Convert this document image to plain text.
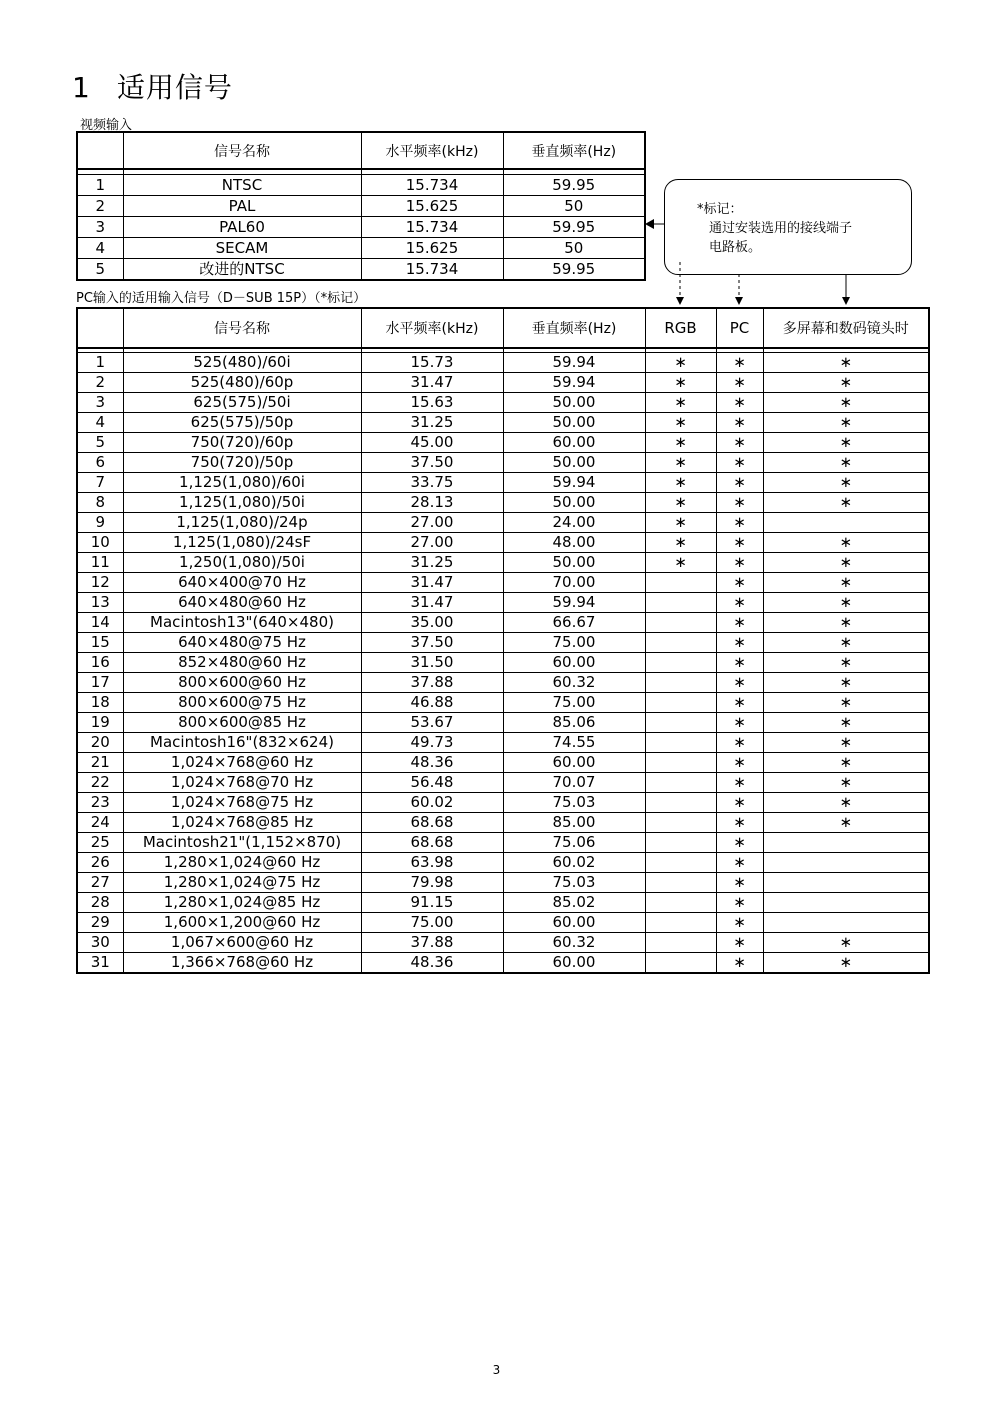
1 适用信号
视频输入
	信号名称	水平频率(kHz)	垂直频率(Hz)

1	NTSC	15.734	59.95
2	PAL	15.625	50
3	PAL60	15.734	59.95
4	SECAM	15.625	50
5	改进的NTSC	15.734	59.95
*标记：
通过安装选用的接线端子
电路板。
PC输入的适用输入信号（D－SUB 15P）（*标记）
	信号名称	水平频率(kHz)	垂直频率(Hz)	RGB	PC	多屏幕和数码镜头时

1	525(480)/60i	15.73	59.94	∗	∗	∗
2	525(480)/60p	31.47	59.94	∗	∗	∗
3	625(575)/50i	15.63	50.00	∗	∗	∗
4	625(575)/50p	31.25	50.00	∗	∗	∗
5	750(720)/60p	45.00	60.00	∗	∗	∗
6	750(720)/50p	37.50	50.00	∗	∗	∗
7	1,125(1,080)/60i	33.75	59.94	∗	∗	∗
8	1,125(1,080)/50i	28.13	50.00	∗	∗	∗
9	1,125(1,080)/24p	27.00	24.00	∗	∗	
10	1,125(1,080)/24sF	27.00	48.00	∗	∗	∗
11	1,250(1,080)/50i	31.25	50.00	∗	∗	∗
12	640×400@70 Hz	31.47	70.00		∗	∗
13	640×480@60 Hz	31.47	59.94		∗	∗
14	Macintosh13"(640×480)	35.00	66.67		∗	∗
15	640×480@75 Hz	37.50	75.00		∗	∗
16	852×480@60 Hz	31.50	60.00		∗	∗
17	800×600@60 Hz	37.88	60.32		∗	∗
18	800×600@75 Hz	46.88	75.00		∗	∗
19	800×600@85 Hz	53.67	85.06		∗	∗
20	Macintosh16"(832×624)	49.73	74.55		∗	∗
21	1,024×768@60 Hz	48.36	60.00		∗	∗
22	1,024×768@70 Hz	56.48	70.07		∗	∗
23	1,024×768@75 Hz	60.02	75.03		∗	∗
24	1,024×768@85 Hz	68.68	85.00		∗	∗
25	Macintosh21"(1,152×870)	68.68	75.06		∗	
26	1,280×1,024@60 Hz	63.98	60.02		∗	
27	1,280×1,024@75 Hz	79.98	75.03		∗	
28	1,280×1,024@85 Hz	91.15	85.02		∗	
29	1,600×1,200@60 Hz	75.00	60.00		∗	
30	1,067×600@60 Hz	37.88	60.32		∗	∗
31	1,366×768@60 Hz	48.36	60.00		∗	∗
3
